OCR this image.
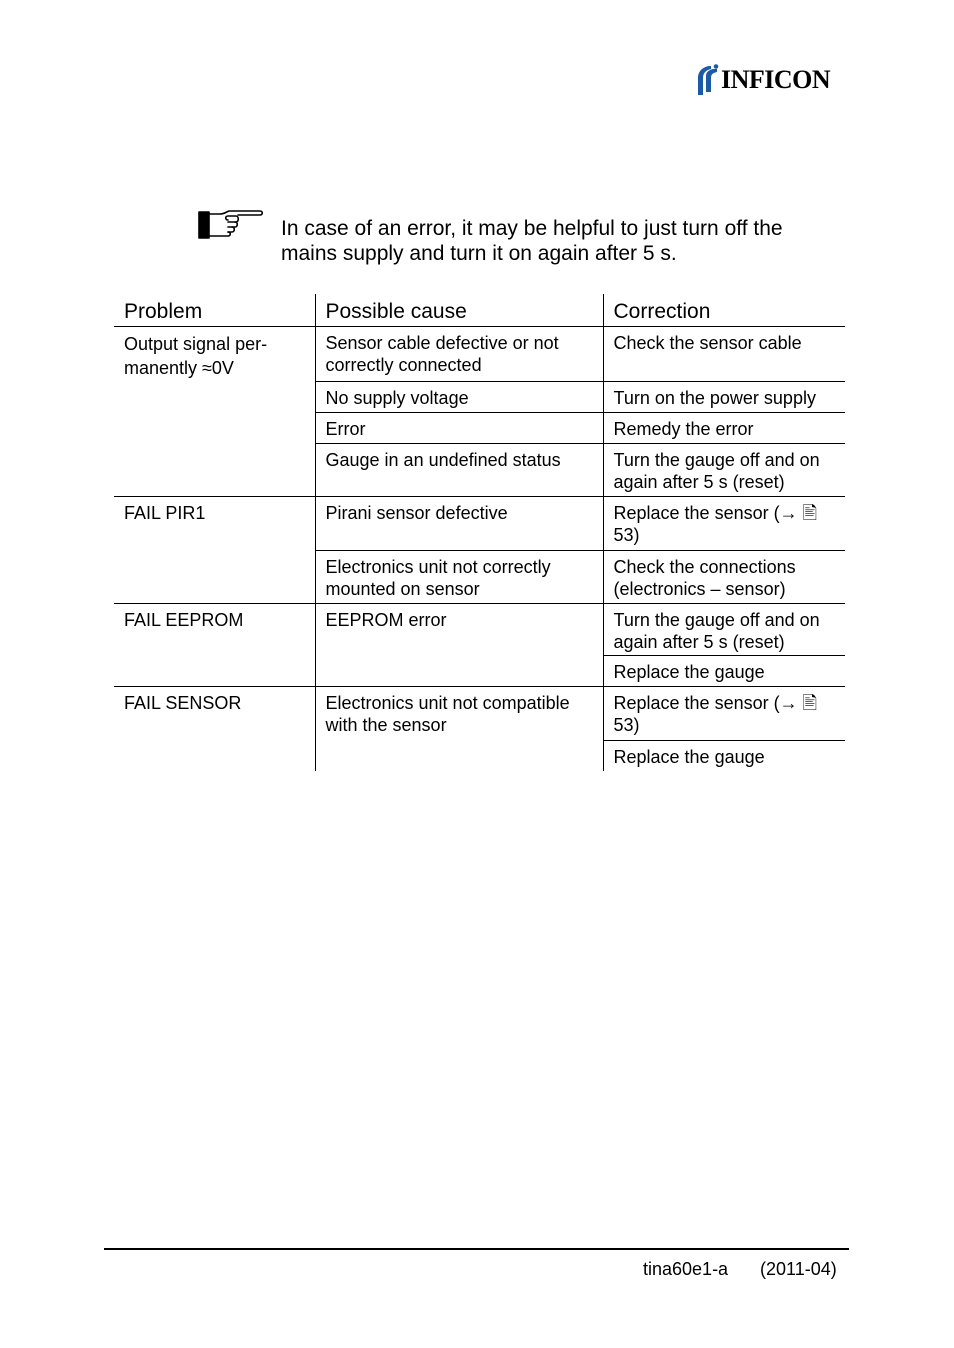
INFICON
In case of an error, it may be helpful to just turn off the mains supply and turn it on again after 5 s.
Problem	Possible cause	Correction
Output signal per-
manently ≈0V	Sensor cable defective or not correctly connected	Check the sensor cable
	No supply voltage	Turn on the power supply
	Error	Remedy the error
	Gauge in an undefined status	Turn the gauge off and on again after 5 s (reset)
FAIL PIR1	Pirani sensor defective	Replace the sensor (→ 🖹 53)
	Electronics unit not correctly mounted on sensor	Check the connections (electronics – sensor)
FAIL EEPROM	EEPROM error	Turn the gauge off and on again after 5 s (reset)
		Replace the gauge
FAIL SENSOR	Electronics unit not compatible with the sensor	Replace the sensor (→ 🖹 53)
		Replace the gauge
tina60e1-a (2011-04)
